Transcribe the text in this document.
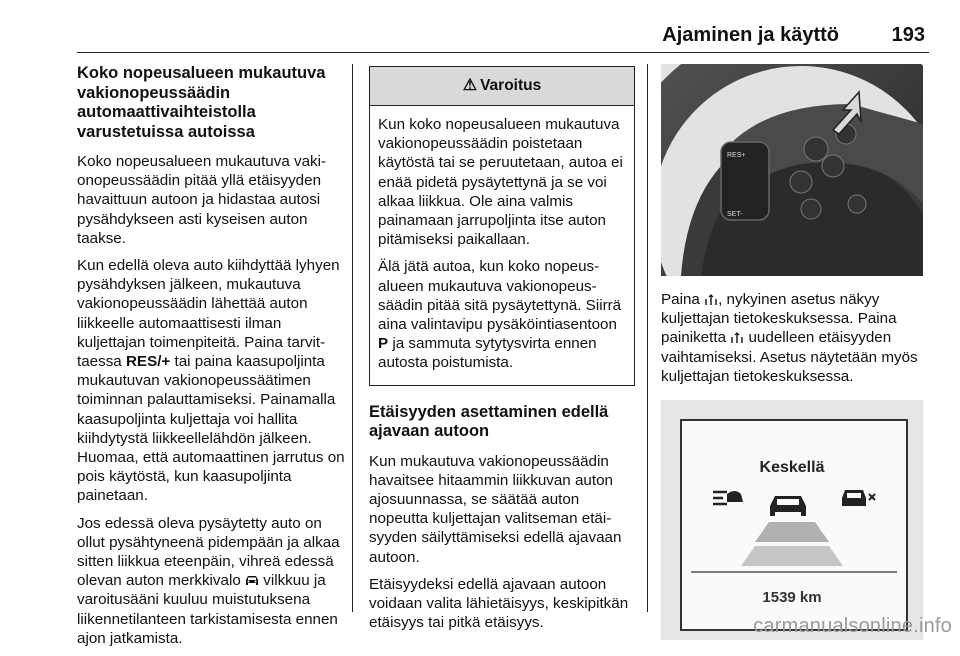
Ajaminen ja käyttö	193
Koko nopeusalueen mukautuva vakionopeussäädin automaattivaihteistolla varustetuissa autoissa

Koko nopeusalueen mukautuva vakionopeussäädin pitää yllä etäisyyden havaittuun autoon ja hidastaa autosi pysähdykseen asti kyseisen auton taakse.

Kun edellä oleva auto kiihdyttää lyhyen pysähdyksen jälkeen, mukautuva vakionopeussäädin lähettää auton liikkeelle automaattisesti ilman kuljettajan toimenpiteitä. Paina tarvittaessa RES/+ tai paina kaasupoljinta mukautuvan vakionopeussäätimen toiminnan palauttamiseksi. Painamalla kaasupoljinta kuljettaja voi hallita kiihdytystä liikkeellelähdön jälkeen. Huomaa, että automaattinen jarrutus on pois käytöstä, kun kaasupoljinta painetaan.

Jos edessä oleva pysäytetty auto on ollut pysähtyneenä pidempään ja alkaa sitten liikkua eteenpäin, vihreä edessä olevan auton merkkivalo vilkkuu ja varoitusääni kuuluu muistutuksena liikennetilanteen tarkistamisesta ennen ajon jatkamista.

⚠ Varoitus

Kun koko nopeusalueen mukautuva vakionopeussäädin poistetaan käytöstä tai se peruutetaan, autoa ei enää pidetä pysäytettynä ja se voi alkaa liikkua. Ole aina valmis painamaan jarrupoljinta itse auton pitämiseksi paikallaan.

Älä jätä autoa, kun koko nopeusalueen mukautuva vakionopeussäädin pitää sitä pysäytettynä. Siirrä aina valintavipu pysäköintiasentoon P ja sammuta sytytysvirta ennen autosta poistumista.

Etäisyyden asettaminen edellä ajavaan autoon

Kun mukautuva vakionopeussäädin havaitsee hitaammin liikkuvan auton ajosuunnassa, se säätää auton nopeutta kuljettajan valitseman etäisyyden säilyttämiseksi edellä ajavaan autoon.

Etäisyydeksi edellä ajavaan autoon voidaan valita lähietäisyys, keskipitkän etäisyys tai pitkä etäisyys.

RES+
SET-

Paina , nykyinen asetus näkyy kuljettajan tietokeskuksessa. Paina painiketta uudelleen etäisyyden vaihtamiseksi. Asetus näytetään myös kuljettajan tietokeskuksessa.

Keskellä
1539 km
carmanualsonline.info
